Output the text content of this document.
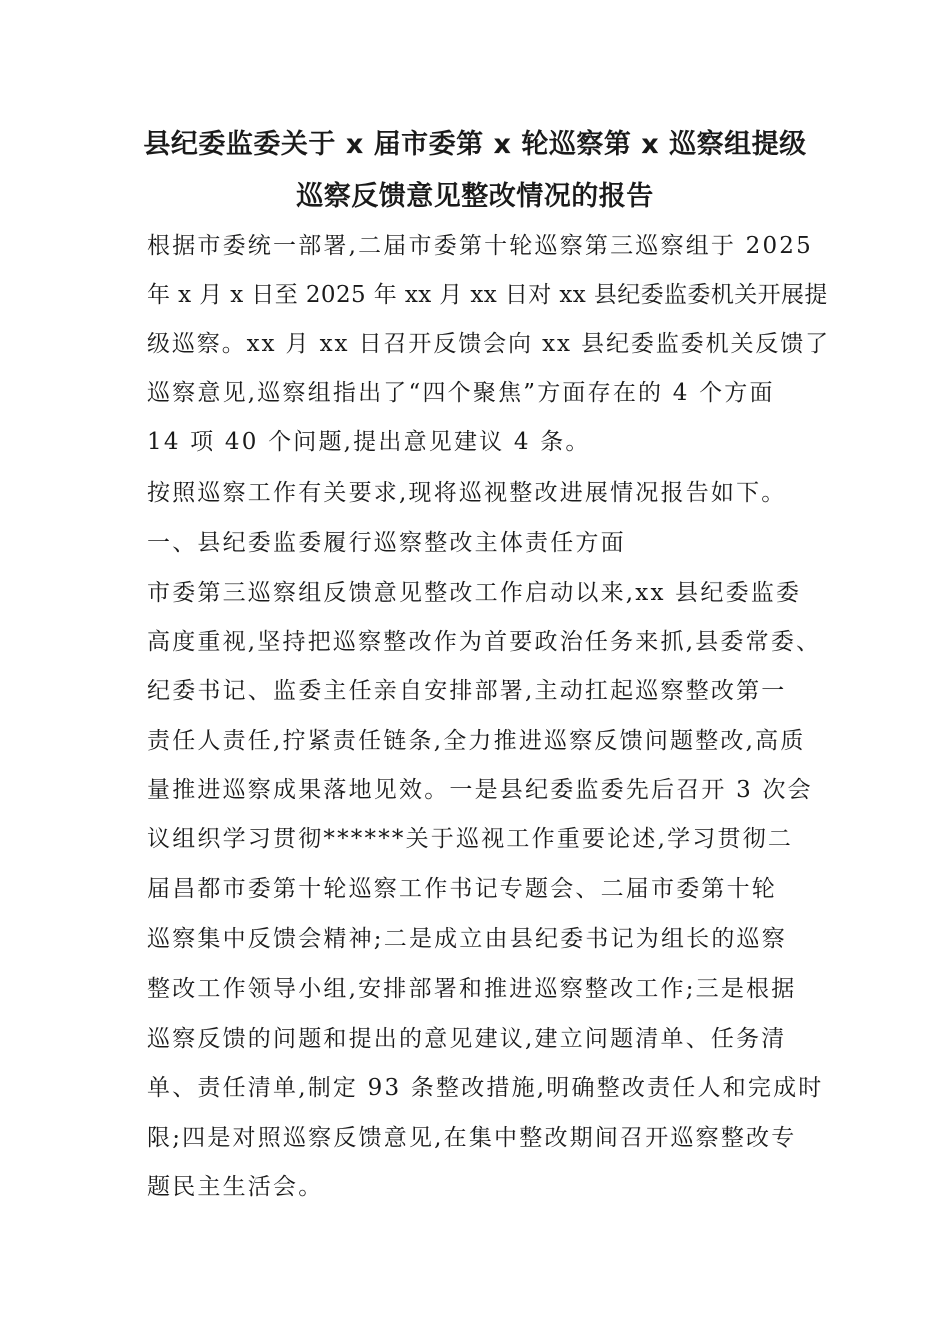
县纪委监委关于 x 届市委第 x 轮巡察第 x 巡察组提级
巡察反馈意见整改情况的报告
根据市委统一部署,二届市委第十轮巡察第三巡察组于 2025
年 x 月 x 日至 2025 年 xx 月 xx 日对 xx 县纪委监委机关开展提
级巡察。xx 月 xx 日召开反馈会向 xx 县纪委监委机关反馈了
巡察意见,巡察组指出了“四个聚焦”方面存在的 4 个方面
14 项 40 个问题,提出意见建议 4 条。
按照巡察工作有关要求,现将巡视整改进展情况报告如下。
一、县纪委监委履行巡察整改主体责任方面
市委第三巡察组反馈意见整改工作启动以来,xx 县纪委监委
高度重视,坚持把巡察整改作为首要政治任务来抓,县委常委、
纪委书记、监委主任亲自安排部署,主动扛起巡察整改第一
责任人责任,拧紧责任链条,全力推进巡察反馈问题整改,高质
量推进巡察成果落地见效。一是县纪委监委先后召开 3 次会
议组织学习贯彻******关于巡视工作重要论述,学习贯彻二
届昌都市委第十轮巡察工作书记专题会、二届市委第十轮
巡察集中反馈会精神;二是成立由县纪委书记为组长的巡察
整改工作领导小组,安排部署和推进巡察整改工作;三是根据
巡察反馈的问题和提出的意见建议,建立问题清单、任务清
单、责任清单,制定 93 条整改措施,明确整改责任人和完成时
限;四是对照巡察反馈意见,在集中整改期间召开巡察整改专
题民主生活会。
